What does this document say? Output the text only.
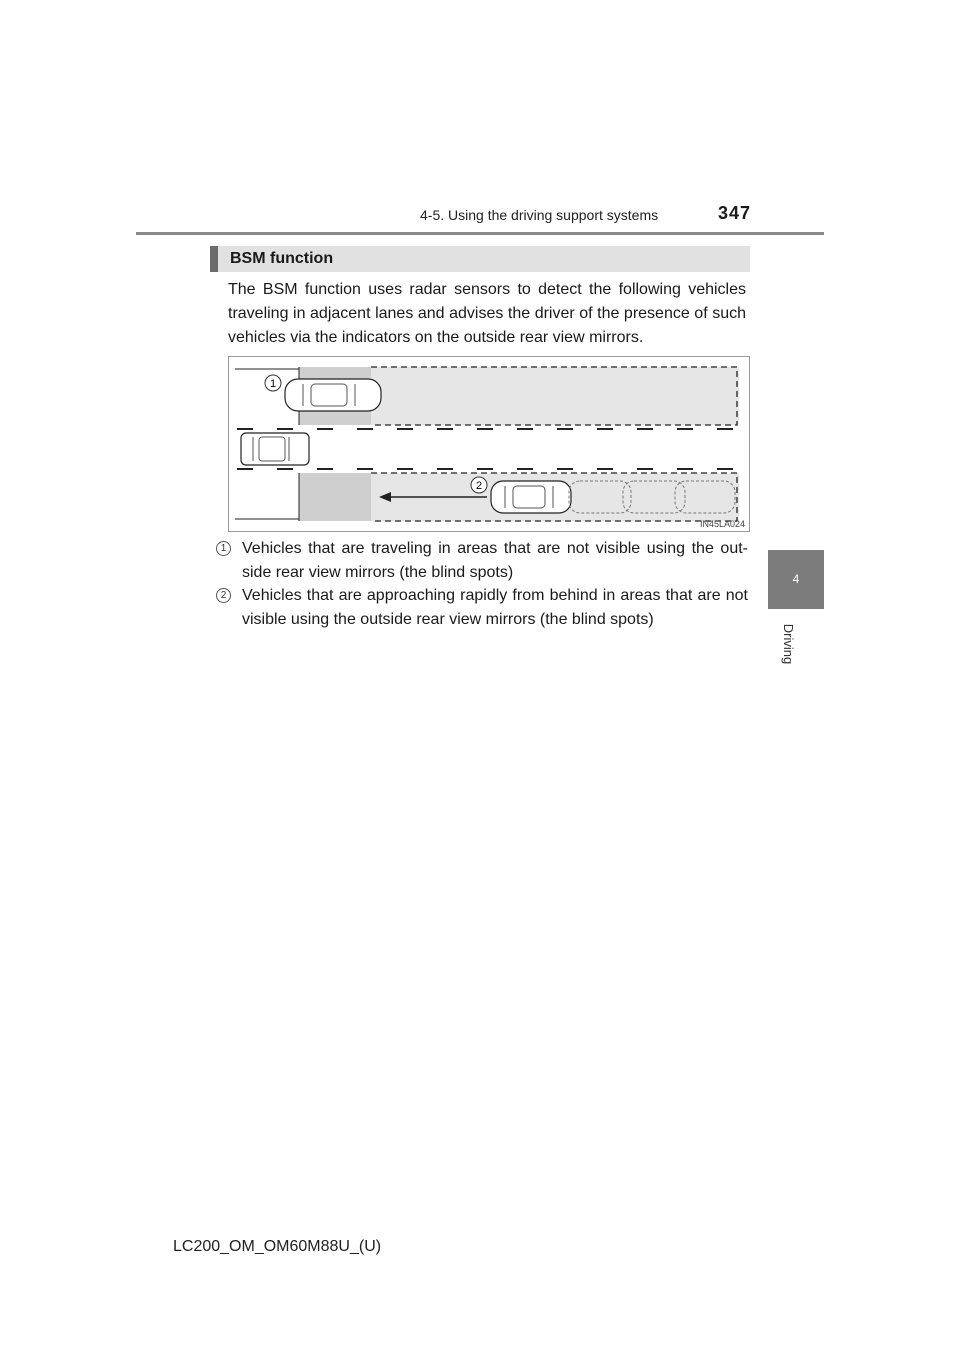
4-5. Using the driving support systems	347
4
Driving
BSM function

The BSM function uses radar sensors to detect the following vehicles traveling in adjacent lanes and advises the driver of the presence of such vehicles via the indicators on the outside rear view mirrors.

1
2
IN45LA024
1 Vehicles that are traveling in areas that are not visible using the out-side rear view mirrors (the blind spots)

2 Vehicles that are approaching rapidly from behind in areas that are not visible using the outside rear view mirrors (the blind spots)

LC200_OM_OM60M88U_(U)
